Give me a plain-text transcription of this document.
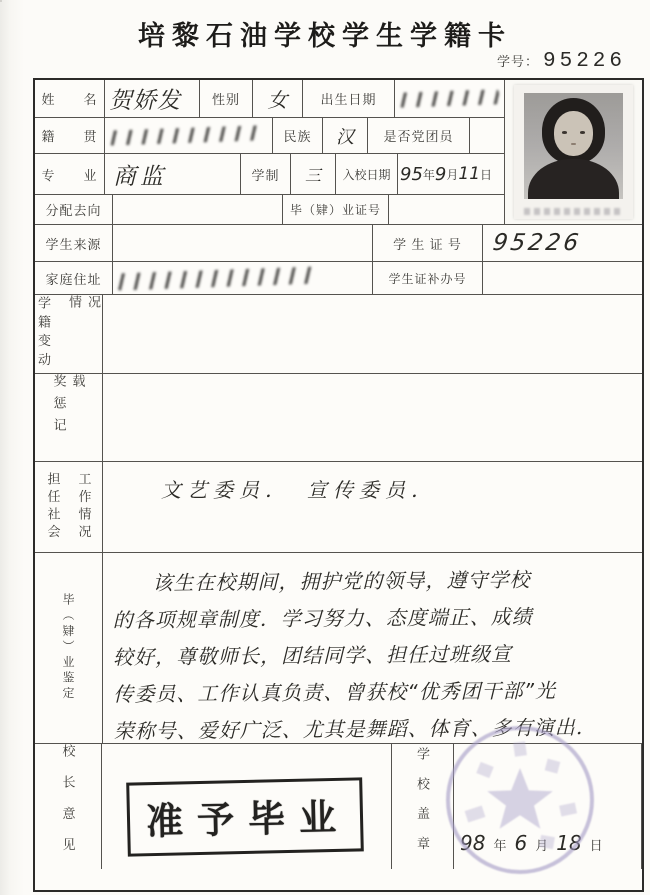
培黎石油学校学生学籍卡
学号： 95226
姓　　名 贺娇发	性别	女	出生日期
籍　　贯	民族	汉	是否党团员
专　　业 商监	学制	三	入校日期 95 年 9 月 11 日
分配去向	毕（肄）业证号
学生来源	学 生 证 号	95226
家庭住址	学生证补办号
学籍变动 情况
奖惩记载
担任社会 工作情况	文艺委员．　宣传委员．
毕（肄）业鉴定
该生在校期间，拥护党的领导，遵守学校
的各项规章制度．学习努力、态度端正、成绩
较好，尊敬师长，团结同学、担任过班级宣
传委员、工作认真负责、曾获校“优秀团干部”光
荣称号、爱好广泛、尤其是舞蹈、体育、多有演出．
校长意见	准予毕业	学校盖章 98 年 6 月 18 日
